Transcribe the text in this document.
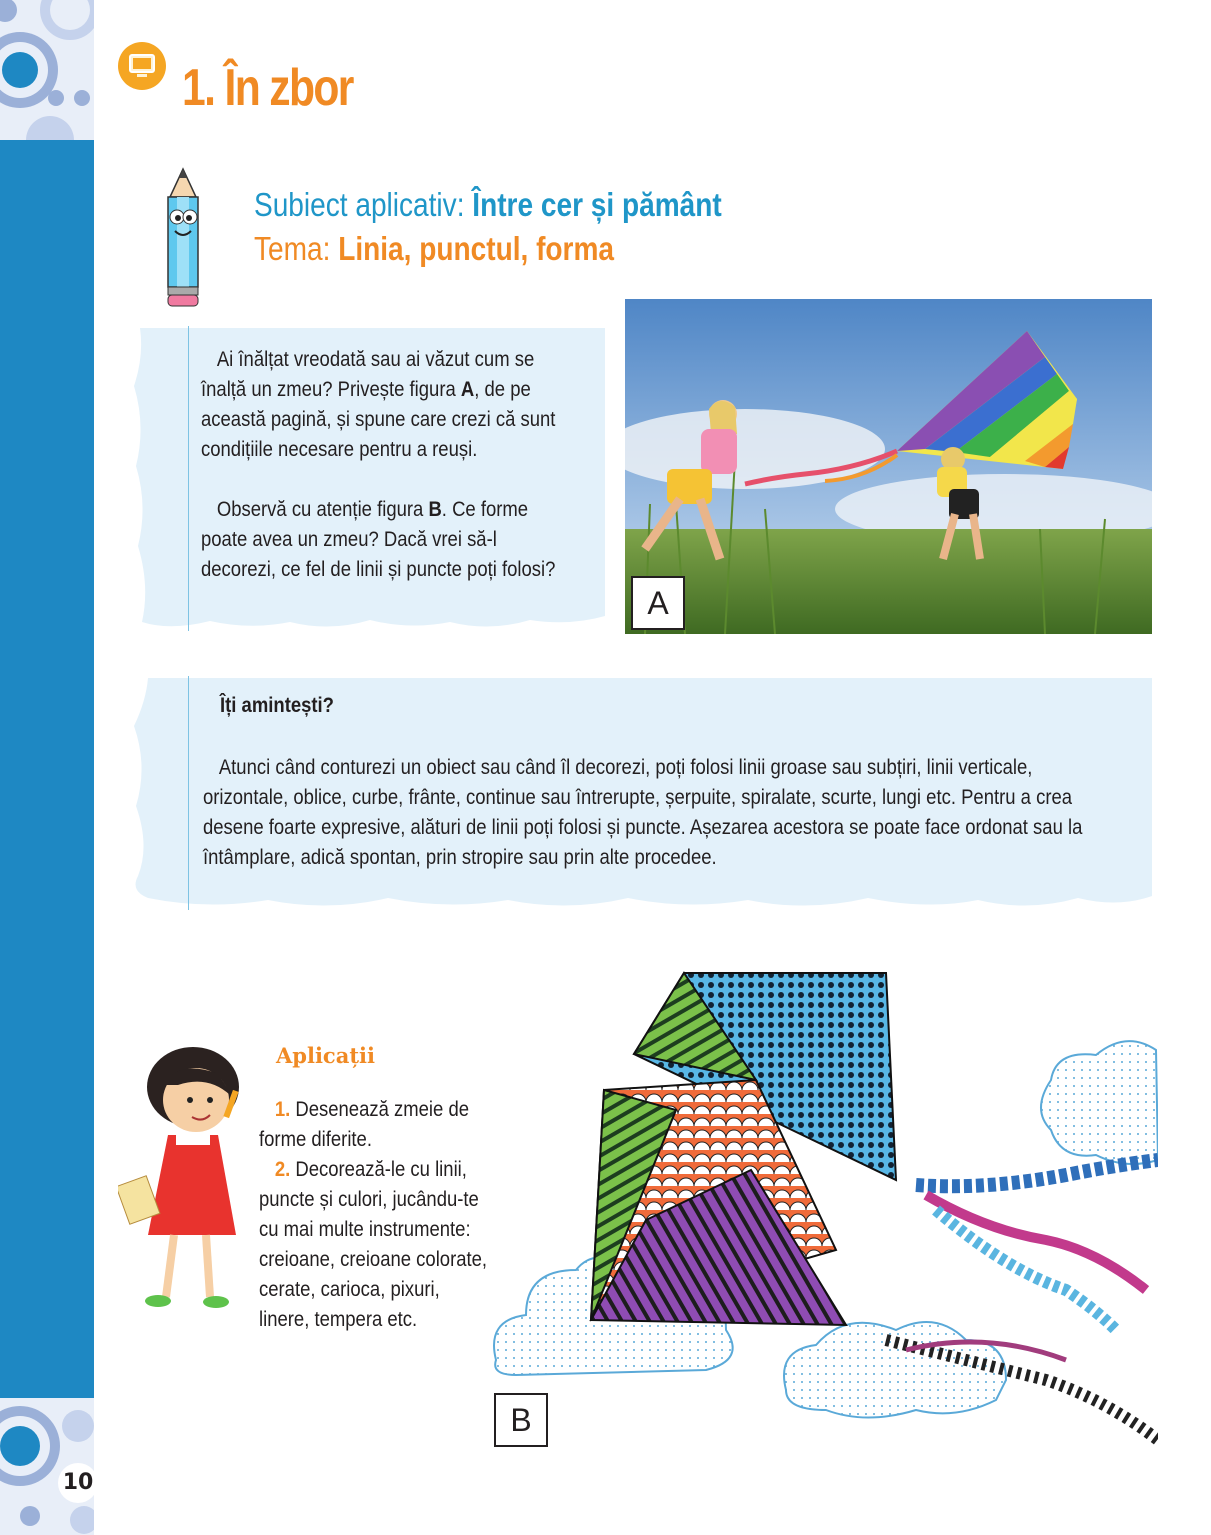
10
1. În zbor
Subiect aplicativ: Între cer și pământ
Tema: Linia, punctul, forma

Ai înălțat vreodată sau ai văzut cum se înalță un zmeu? Privește figura A, de pe această pagină, și spune care crezi că sunt condițiile necesare pentru a reuși.

Observă cu atenție figura B. Ce forme poate avea un zmeu? Dacă vrei să-l decorezi, ce fel de linii și puncte poți folosi?

A
Îți amintești?

Atunci când conturezi un obiect sau când îl decorezi, poți folosi linii groase sau subțiri, linii verticale, orizontale, oblice, curbe, frânte, continue sau întrerupte, șerpuite, spiralate, scurte, lungi etc. Pentru a crea desene foarte expresive, alături de linii poți folosi și puncte. Așezarea acestora se poate face ordonat sau la întâmplare, adică spontan, prin stropire sau prin alte procedee.

Aplicații

1. Desenează zmeie de forme diferite.

2. Decorează-le cu linii, puncte și culori, jucându-te cu mai multe instrumente: creioane, creioane colorate, cerate, carioca, pixuri, linere, tempera etc.

B
